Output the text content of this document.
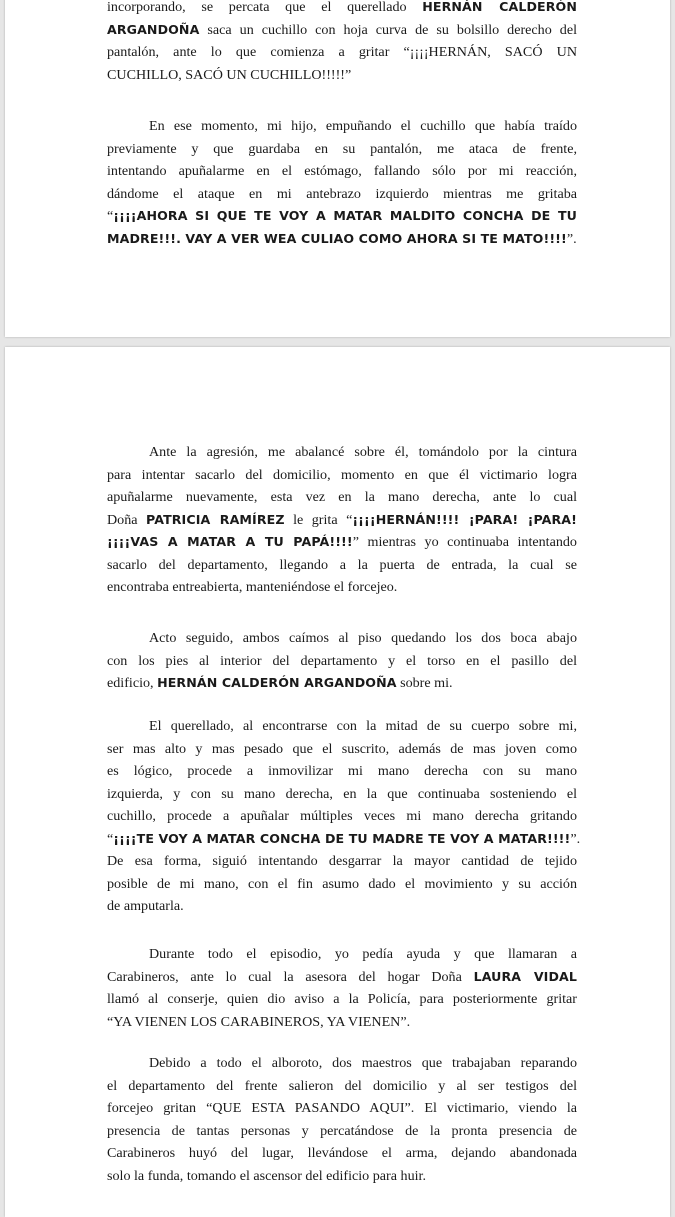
incorporando, se percata que el querellado HERNÁN CALDERÓN
ARGANDOÑA saca un cuchillo con hoja curva de su bolsillo derecho del
pantalón, ante lo que comienza a gritar “¡¡¡¡HERNÁN, SACÓ UN
CUCHILLO, SACÓ UN CUCHILLO!!!!!”
En ese momento, mi hijo, empuñando el cuchillo que había traído
previamente y que guardaba en su pantalón, me ataca de frente,
intentando apuñalarme en el estómago, fallando sólo por mi reacción,
dándome el ataque en mi antebrazo izquierdo mientras me gritaba
“¡¡¡¡AHORA SI QUE TE VOY A MATAR MALDITO CONCHA DE TU
MADRE!!!. VAY A VER WEA CULIAO COMO AHORA SI TE MATO!!!!”.
Ante la agresión, me abalancé sobre él, tomándolo por la cintura
para intentar sacarlo del domicilio, momento en que él victimario logra
apuñalarme nuevamente, esta vez en la mano derecha, ante lo cual
Doña PATRICIA RAMÍREZ le grita “¡¡¡¡HERNÁN!!!! ¡PARA! ¡PARA!
¡¡¡¡VAS A MATAR A TU PAPÁ!!!!” mientras yo continuaba intentando
sacarlo del departamento, llegando a la puerta de entrada, la cual se
encontraba entreabierta, manteniéndose el forcejeo.
Acto seguido, ambos caímos al piso quedando los dos boca abajo
con los pies al interior del departamento y el torso en el pasillo del
edificio, HERNÁN CALDERÓN ARGANDOÑA sobre mi.
El querellado, al encontrarse con la mitad de su cuerpo sobre mi,
ser mas alto y mas pesado que el suscrito, además de mas joven como
es lógico, procede a inmovilizar mi mano derecha con su mano
izquierda, y con su mano derecha, en la que continuaba sosteniendo el
cuchillo, procede a apuñalar múltiples veces mi mano derecha gritando
“¡¡¡¡TE VOY A MATAR CONCHA DE TU MADRE TE VOY A MATAR!!!!”.
De esa forma, siguió intentando desgarrar la mayor cantidad de tejido
posible de mi mano, con el fin asumo dado el movimiento y su acción
de amputarla.
Durante todo el episodio, yo pedía ayuda y que llamaran a
Carabineros, ante lo cual la asesora del hogar Doña LAURA VIDAL
llamó al conserje, quien dio aviso a la Policía, para posteriormente gritar
“YA VIENEN LOS CARABINEROS, YA VIENEN”.
Debido a todo el alboroto, dos maestros que trabajaban reparando
el departamento del frente salieron del domicilio y al ser testigos del
forcejeo gritan “QUE ESTA PASANDO AQUI”. El victimario, viendo la
presencia de tantas personas y percatándose de la pronta presencia de
Carabineros huyó del lugar, llevándose el arma, dejando abandonada
solo la funda, tomando el ascensor del edificio para huir.
